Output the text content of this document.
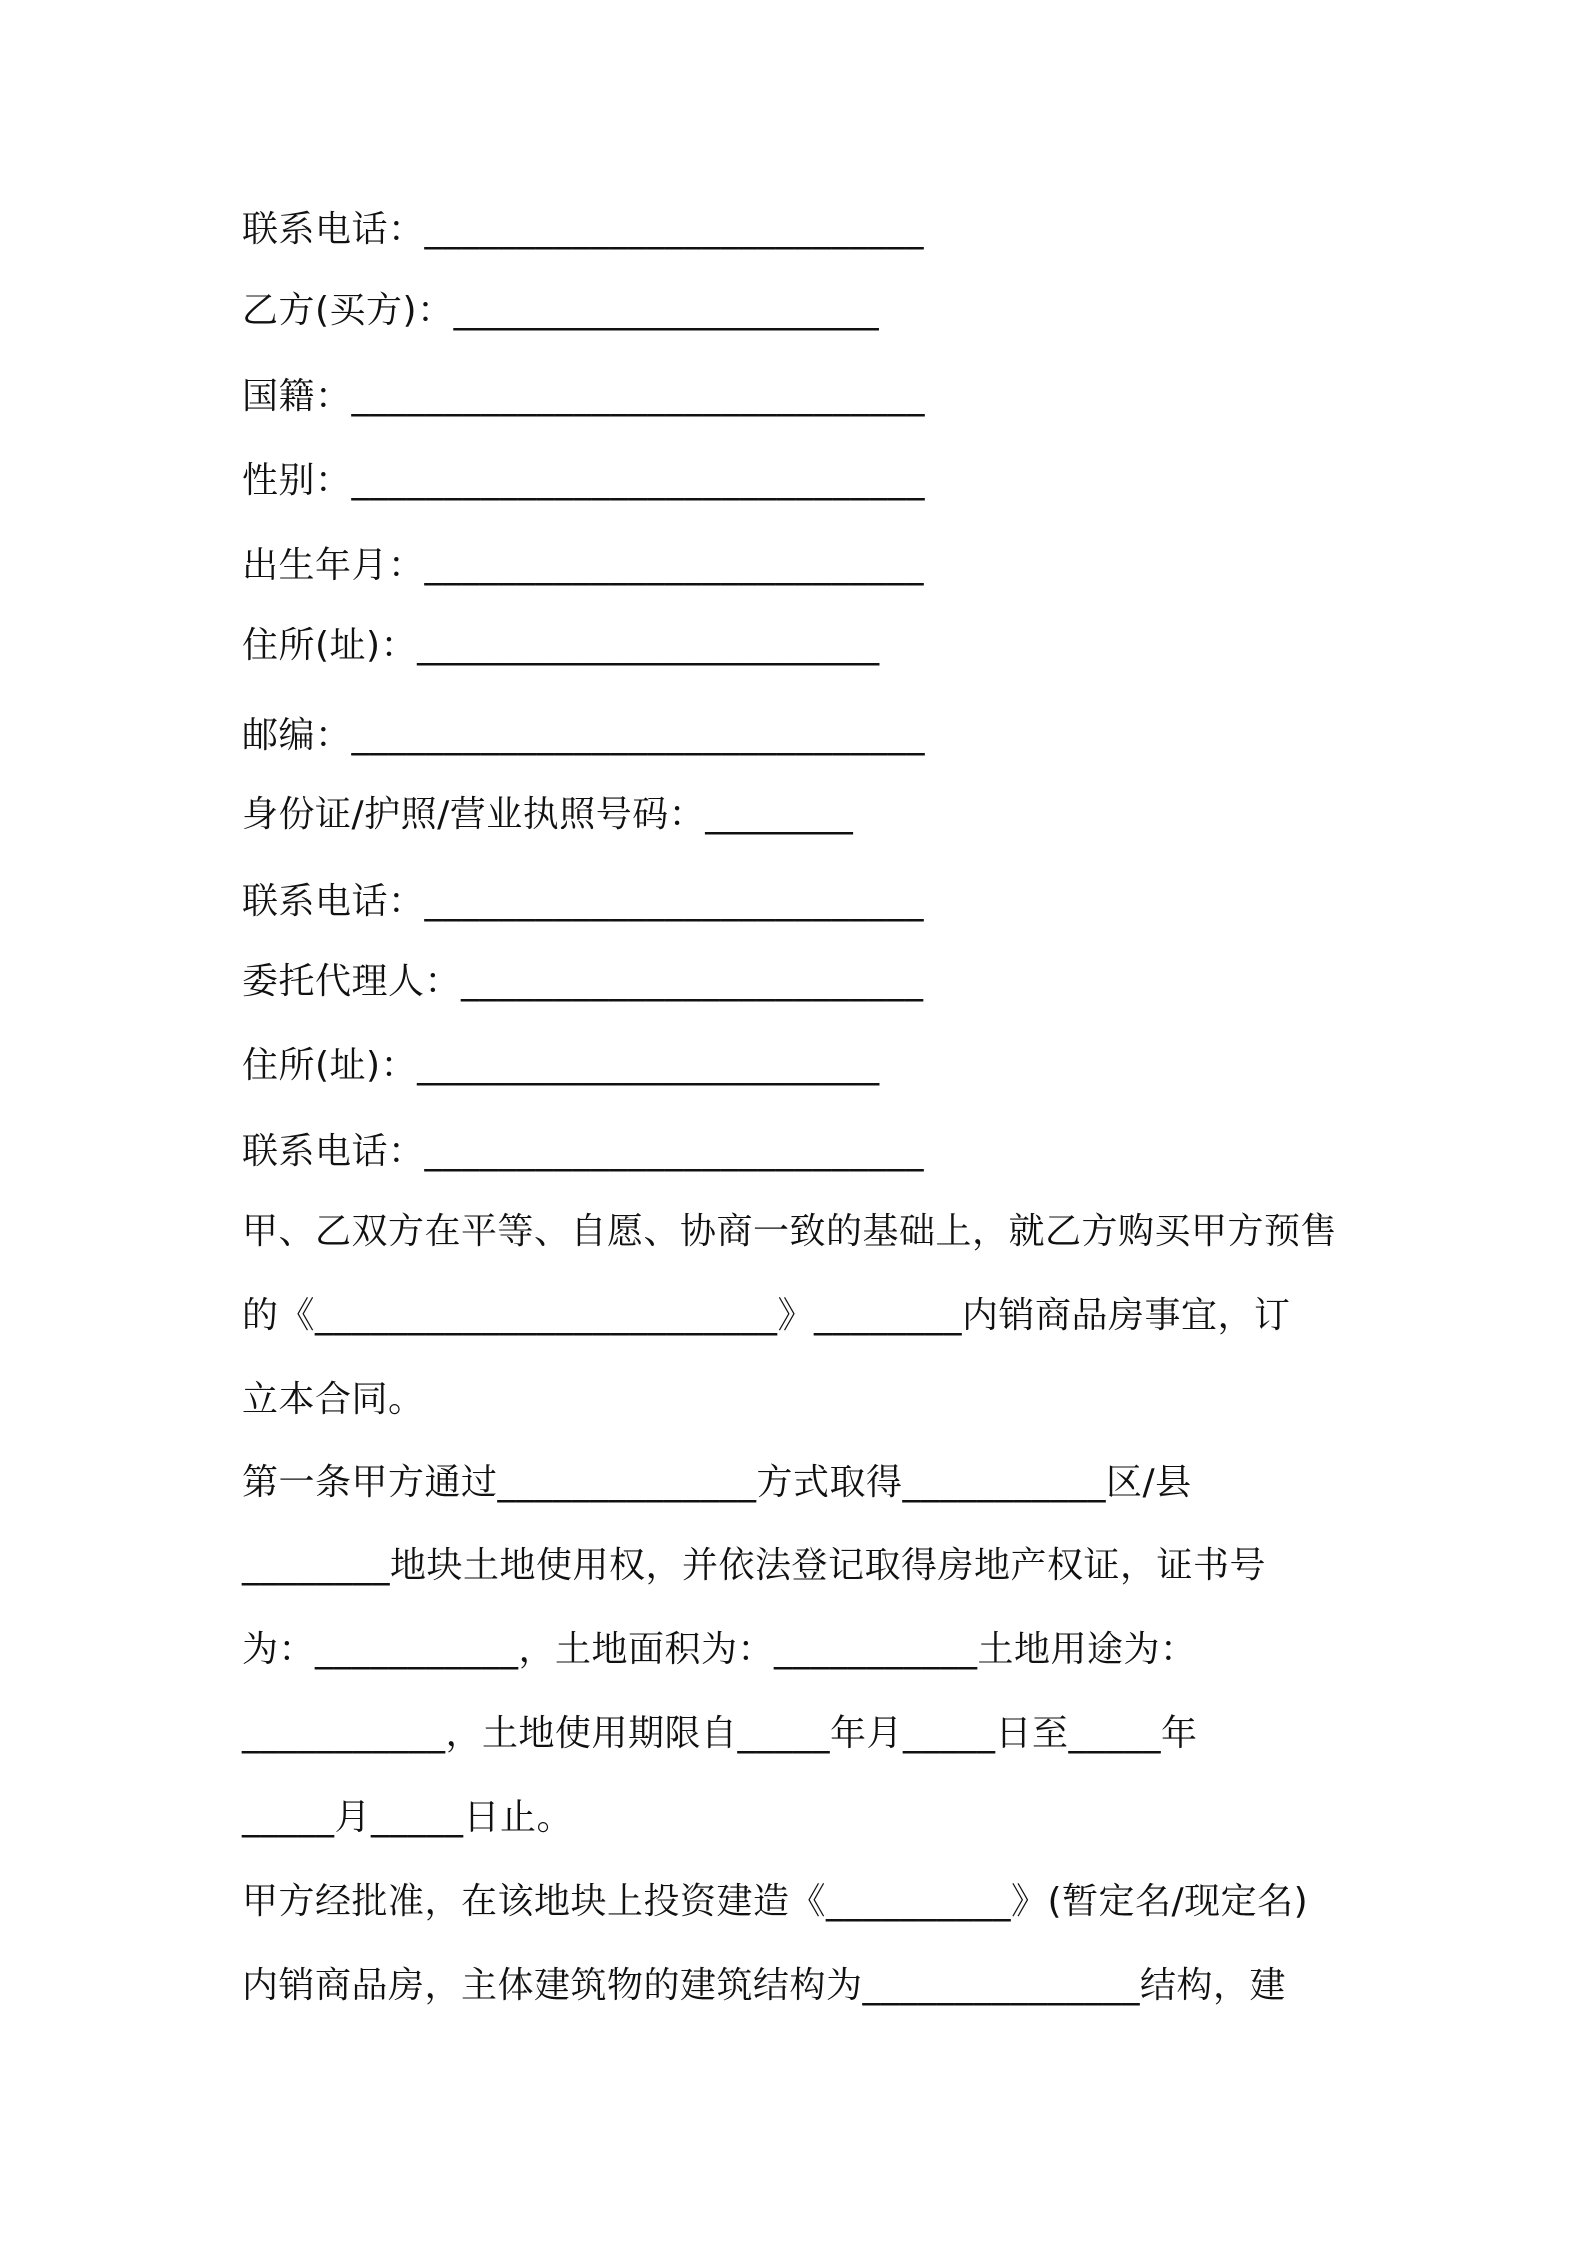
联系电话：___________________________
乙方(买方)：_______________________
国籍：_______________________________
性别：_______________________________
出生年月：___________________________
住所(址)：_________________________
邮编：_______________________________
身份证/护照/营业执照号码：________
联系电话：___________________________
委托代理人：_________________________
住所(址)：_________________________
联系电话：___________________________
甲、乙双方在平等、自愿、协商一致的基础上，就乙方购买甲方预售
的《_________________________》________内销商品房事宜，订
立本合同。
第一条甲方通过______________方式取得___________区/县
________地块土地使用权，并依法登记取得房地产权证，证书号
为：___________，土地面积为：___________土地用途为：
___________，土地使用期限自_____年月_____日至_____年
_____月_____日止。
甲方经批准，在该地块上投资建造《__________》(暂定名/现定名)
内销商品房，主体建筑物的建筑结构为_______________结构，建
